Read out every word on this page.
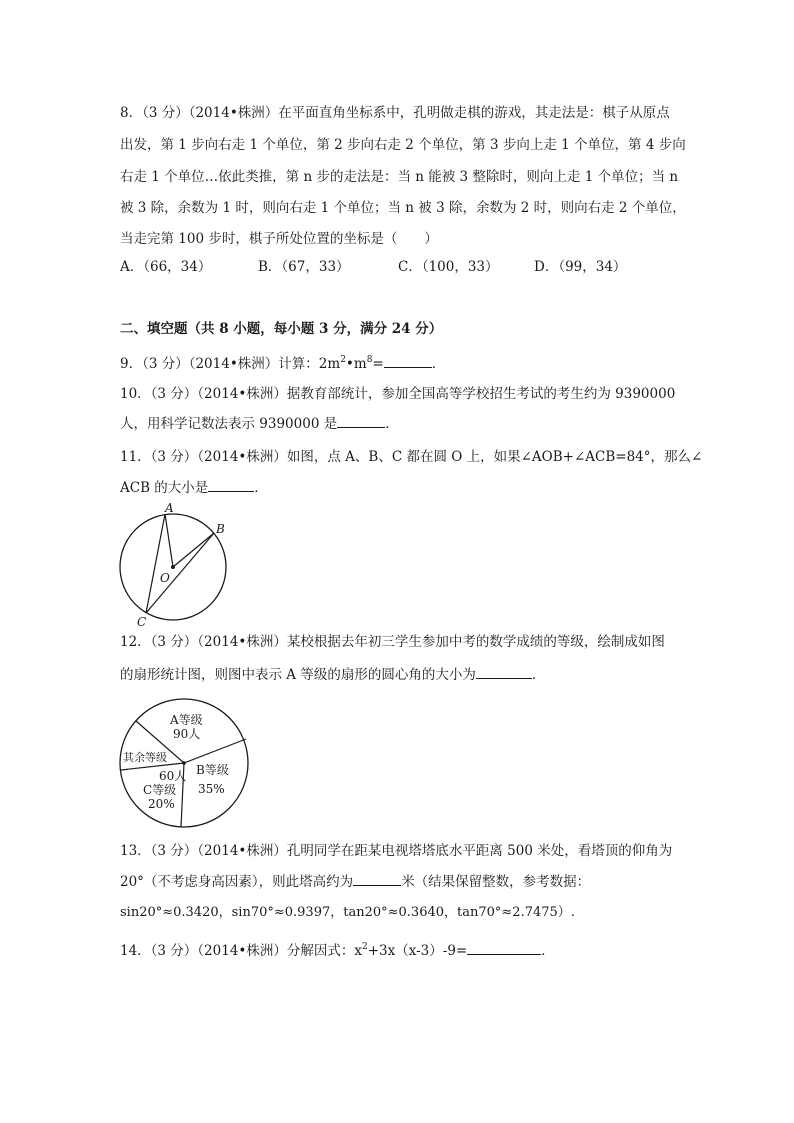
8．（3 分）（2014•株洲）在平面直角坐标系中，孔明做走棋的游戏，其走法是：棋子从原点
出发，第 1 步向右走 1 个单位，第 2 步向右走 2 个单位，第 3 步向上走 1 个单位，第 4 步向
右走 1 个单位…依此类推，第 n 步的走法是：当 n 能被 3 整除时，则向上走 1 个单位；当 n
被 3 除，余数为 1 时，则向右走 1 个单位；当 n 被 3 除，余数为 2 时，则向右走 2 个单位，
当走完第 100 步时，棋子所处位置的坐标是（　　）
A．（66，34）	B．（67，33）	C．（100，33）	D．（99，34）
二、填空题（共 8 小题，每小题 3 分，满分 24 分）
9．（3 分）（2014•株洲）计算：$2m^2•m^8=$	．
10．（3 分）（2014•株洲）据教育部统计，参加全国高等学校招生考试的考生约为 9390000
人，用科学记数法表示 9390000 是	．
11．（3 分）（2014•株洲）如图，点 A、B、C 都在圆 O 上，如果∠AOB+∠ACB=84°，那么∠
ACB 的大小是	．
A
B
C
O
12．（3 分）（2014•株洲）某校根据去年初三学生参加中考的数学成绩的等级，绘制成如图
的扇形统计图，则图中表示 A 等级的扇形的圆心角的大小为	．
A等级
90人
其余等级
60人
C等级
20%
B等级
35%
13．（3 分）（2014•株洲）孔明同学在距某电视塔塔底水平距离 500 米处，看塔顶的仰角为
20°（不考虑身高因素），则此塔高约为	米（结果保留整数，参考数据：
sin20°≈0.3420，sin70°≈0.9397，tan20°≈0.3640，tan70°≈2.7475）.
14．（3 分）（2014•株洲）分解因式：$x^2+3x(x-3)-9=$	．
